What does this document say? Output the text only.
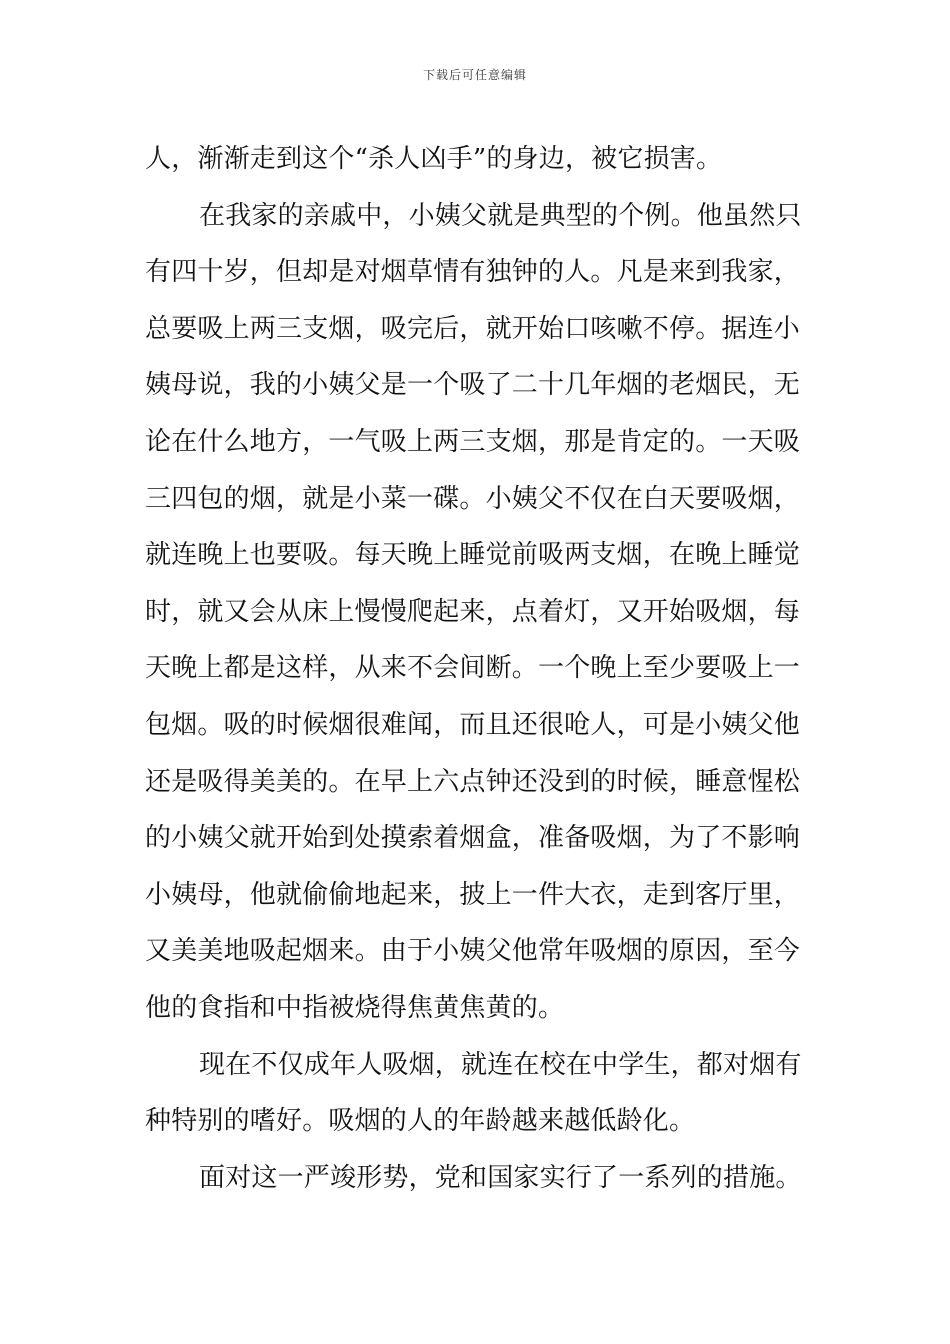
下载后可任意编辑
人，渐渐走到这个“杀人凶手”的身边，被它损害。
在我家的亲戚中，小姨父就是典型的个例。他虽然只
有四十岁，但却是对烟草情有独钟的人。凡是来到我家，
总要吸上两三支烟，吸完后，就开始口咳嗽不停。据连小
姨母说，我的小姨父是一个吸了二十几年烟的老烟民，无
论在什么地方，一气吸上两三支烟，那是肯定的。一天吸
三四包的烟，就是小菜一碟。小姨父不仅在白天要吸烟，
就连晚上也要吸。每天晚上睡觉前吸两支烟，在晚上睡觉
时，就又会从床上慢慢爬起来，点着灯，又开始吸烟，每
天晚上都是这样，从来不会间断。一个晚上至少要吸上一
包烟。吸的时候烟很难闻，而且还很呛人，可是小姨父他
还是吸得美美的。在早上六点钟还没到的时候，睡意惺松
的小姨父就开始到处摸索着烟盒，准备吸烟，为了不影响
小姨母，他就偷偷地起来，披上一件大衣，走到客厅里，
又美美地吸起烟来。由于小姨父他常年吸烟的原因，至今
他的食指和中指被烧得焦黄焦黄的。
现在不仅成年人吸烟，就连在校在中学生，都对烟有
种特别的嗜好。吸烟的人的年龄越来越低龄化。
面对这一严竣形势，党和国家实行了一系列的措施。
